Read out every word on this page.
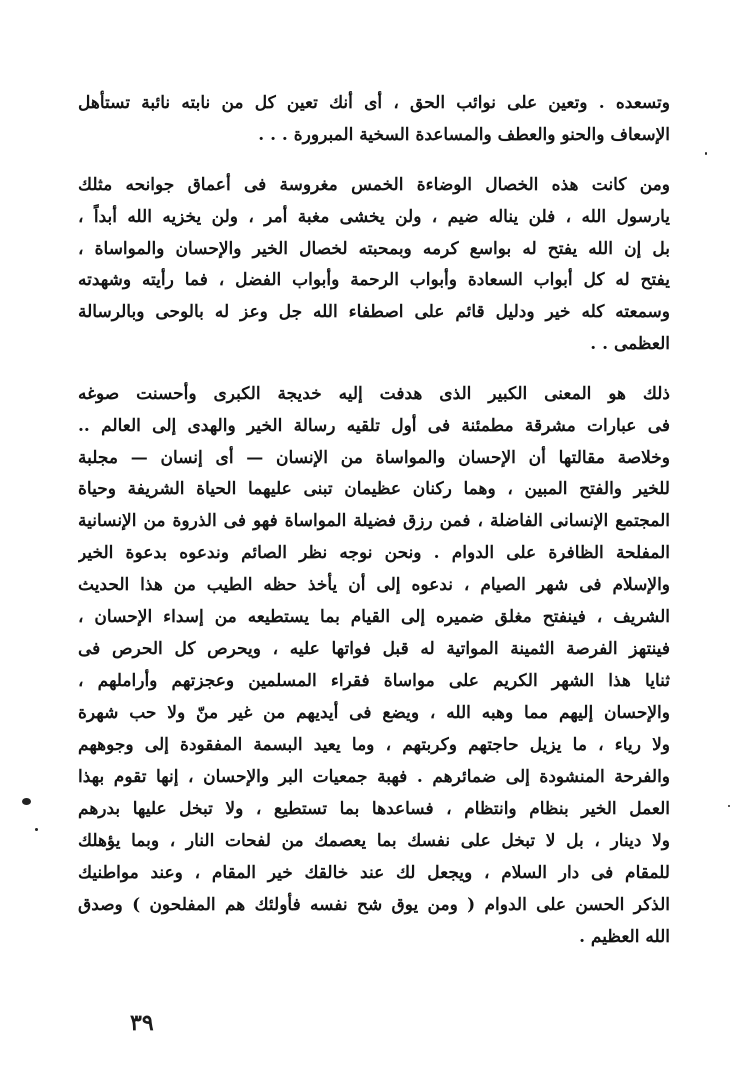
وتسعده . وتعين على نوائب الحق ، أى أنك تعين كل من نابته نائبة تستأهل
الإسعاف والحنو والعطف والمساعدة السخية المبرورة . . .
ومن كانت هذه الخصال الوضاءة الخمس مغروسة فى أعماق جوانحه مثلك
يارسول الله ، فلن يناله ضيم ، ولن يخشى مغبة أمر ، ولن يخزيه الله أبداً ،
بل إن الله يفتح له بواسع كرمه وبمحبته لخصال الخير والإحسان والمواساة ،
يفتح له كل أبواب السعادة وأبواب الرحمة وأبواب الفضل ، فما رأيته وشهدته
وسمعته كله خير ودليل قائم على اصطفاء الله جل وعز له بالوحى وبالرسالة
العظمى . .
ذلك هو المعنى الكبير الذى هدفت إليه خديجة الكبرى وأحسنت صوغه
فى عبارات مشرقة مطمئنة فى أول تلقيه رسالة الخير والهدى إلى العالم ..
وخلاصة مقالتها أن الإحسان والمواساة من الإنسان — أى إنسان — مجلبة
للخير والفتح المبين ، وهما ركنان عظيمان تبنى عليهما الحياة الشريفة وحياة
المجتمع الإنسانى الفاضلة ، فمن رزق فضيلة المواساة فهو فى الذروة من الإنسانية
المفلحة الظافرة على الدوام . ونحن نوجه نظر الصائم وندعوه بدعوة الخير
والإسلام فى شهر الصيام ، ندعوه إلى أن يأخذ حظه الطيب من هذا الحديث
الشريف ، فينفتح مغلق ضميره إلى القيام بما يستطيعه من إسداء الإحسان ،
فينتهز الفرصة الثمينة المواتية له قبل فواتها عليه ، ويحرص كل الحرص فى
ثنايا هذا الشهر الكريم على مواساة فقراء المسلمين وعجزتهم وأراملهم ،
والإحسان إليهم مما وهبه الله ، ويضع فى أيديهم من غير منّ ولا حب شهرة
ولا رياء ، ما يزيل حاجتهم وكربتهم ، وما يعيد البسمة المفقودة إلى وجوههم
والفرحة المنشودة إلى ضمائرهم . فهبة جمعيات البر والإحسان ، إنها تقوم بهذا
العمل الخير بنظام وانتظام ، فساعدها بما تستطيع ، ولا تبخل عليها بدرهم
ولا دينار ، بل لا تبخل على نفسك بما يعصمك من لفحات النار ، وبما يؤهلك
للمقام فى دار السلام ، ويجعل لك عند خالقك خير المقام ، وعند مواطنيك
الذكر الحسن على الدوام ( ومن يوق شح نفسه فأولئك هم المفلحون ) وصدق
الله العظيم .
٣٩
